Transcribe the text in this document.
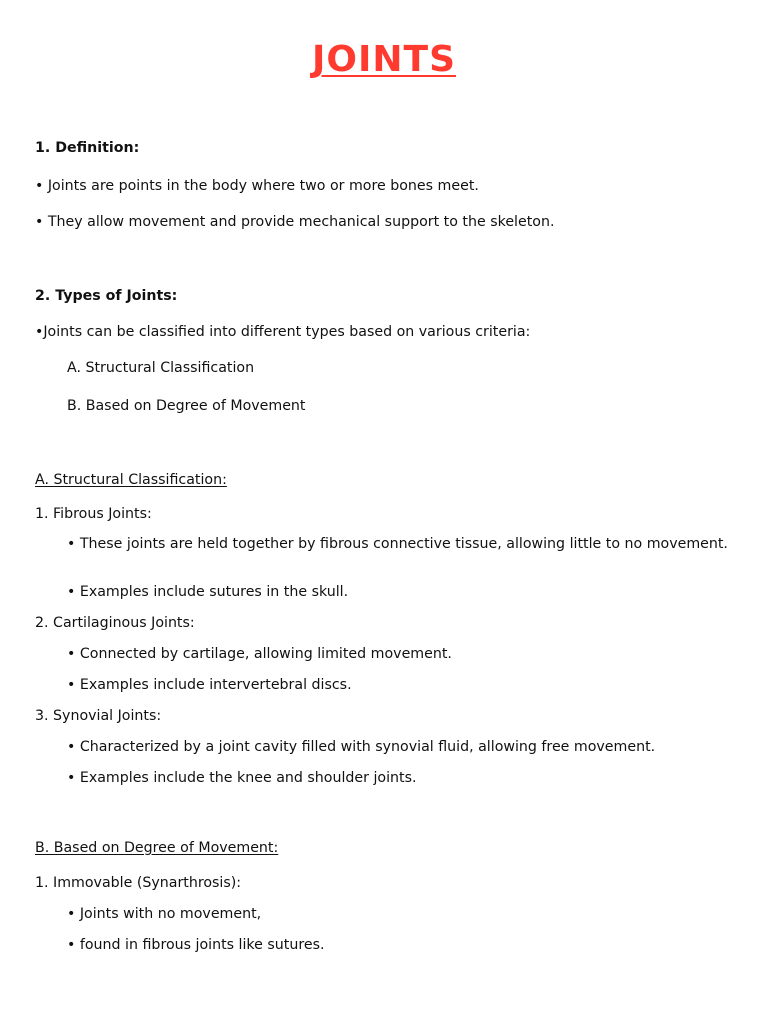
JOINTS
1. Definition:
• Joints are points in the body where two or more bones meet.
• They allow movement and provide mechanical support to the skeleton.
2. Types of Joints:
•Joints can be classified into different types based on various criteria:
A. Structural Classification
B. Based on Degree of Movement
A. Structural Classification:
1. Fibrous Joints:
• These joints are held together by fibrous connective tissue, allowing little to no movement.
• Examples include sutures in the skull.
2. Cartilaginous Joints:
• Connected by cartilage, allowing limited movement.
• Examples include intervertebral discs.
3. Synovial Joints:
• Characterized by a joint cavity filled with synovial fluid, allowing free movement.
• Examples include the knee and shoulder joints.
B. Based on Degree of Movement:
1. Immovable (Synarthrosis):
• Joints with no movement,
• found in fibrous joints like sutures.
